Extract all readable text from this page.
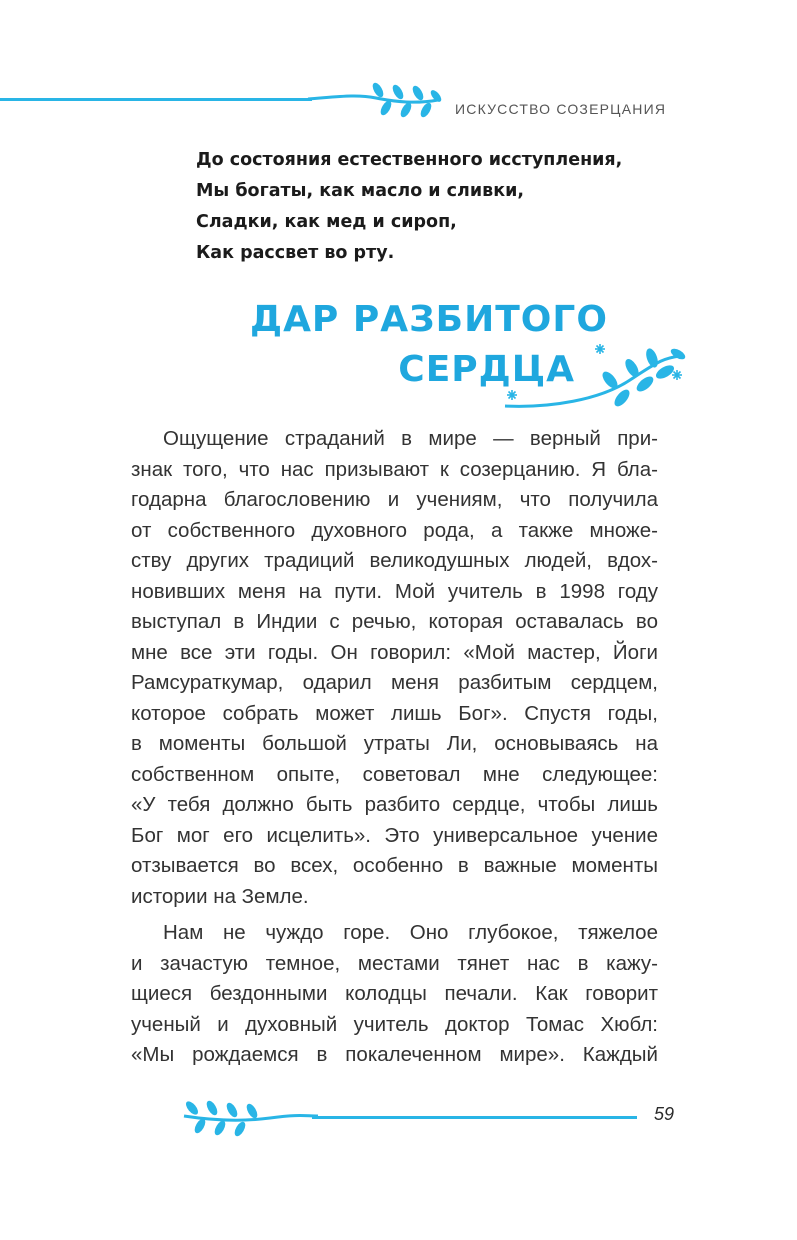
ИСКУССТВО СОЗЕРЦАНИЯ
До состояния естественного исступления,
Мы богаты, как масло и сливки,
Сладки, как мед и сироп,
Как рассвет во рту.
ДАР РАЗБИТОГО
СЕРДЦА

Ощущение страданий в мире — верный при-
знак того, что нас призывают к созерцанию. Я бла-
годарна благословению и учениям, что получила
от собственного духовного рода, а также множе-
ству других традиций великодушных людей, вдох-
новивших меня на пути. Мой учитель в 1998 году
выступал в Индии с речью, которая оставалась во
мне все эти годы. Он говорил: «Мой мастер, Йоги
Рамсураткумар, одарил меня разбитым сердцем,
которое собрать может лишь Бог». Спустя годы,
в моменты большой утраты Ли, основываясь на
собственном опыте, советовал мне следующее:
«У тебя должно быть разбито сердце, чтобы лишь
Бог мог его исцелить». Это универсальное учение
отзывается во всех, особенно в важные моменты
истории на Земле.

Нам не чуждо горе. Оно глубокое, тяжелое
и зачастую темное, местами тянет нас в кажу-
щиеся бездонными колодцы печали. Как говорит
ученый и духовный учитель доктор Томас Хюбл:
«Мы рождаемся в покалеченном мире». Каждый

59
